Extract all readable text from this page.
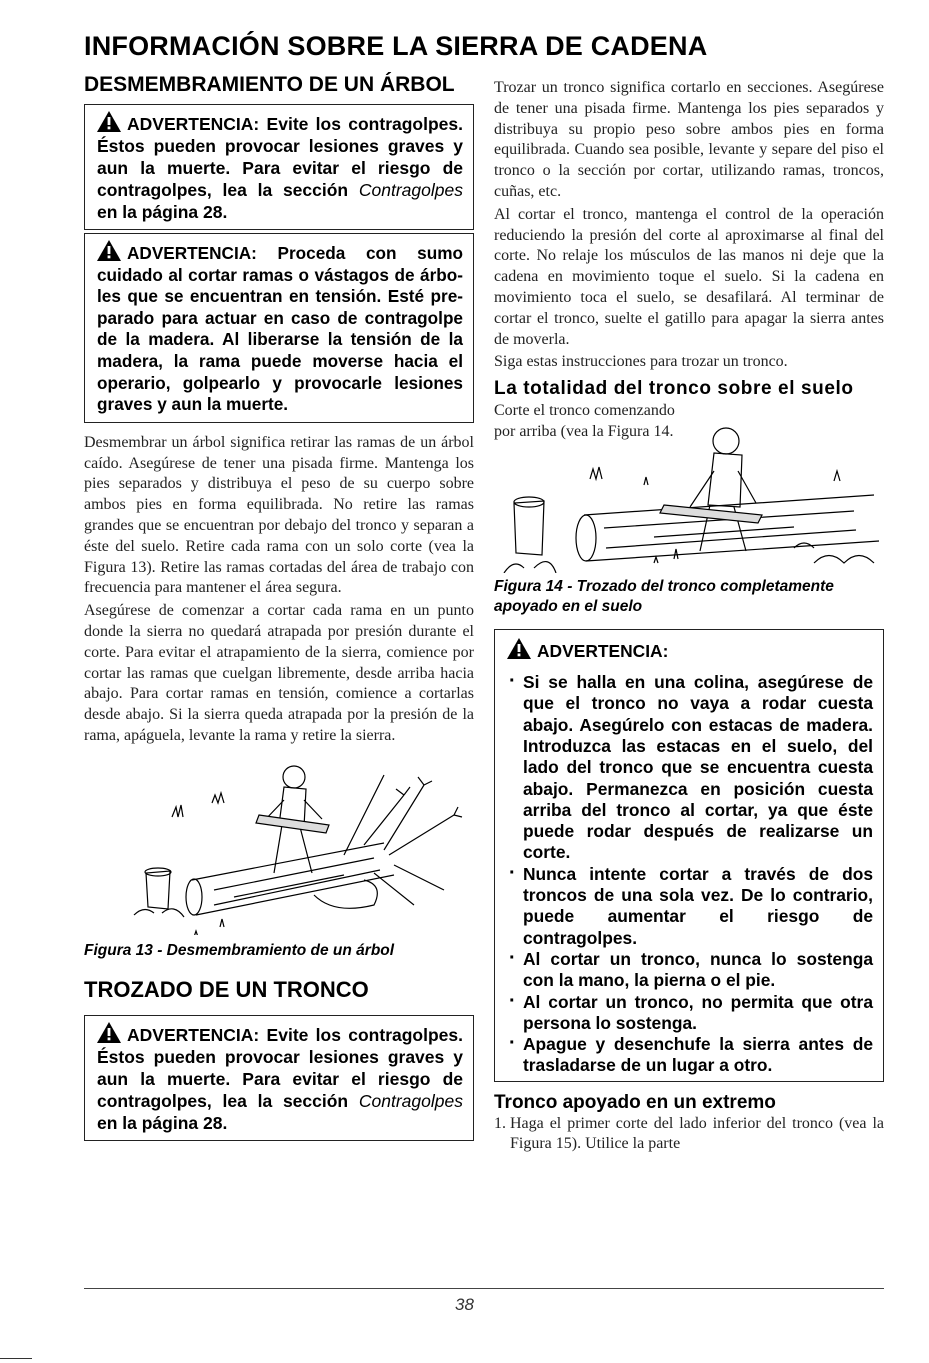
INFORMACIÓN SOBRE LA SIERRA DE CADENA
DESMEMBRAMIENTO DE UN ÁRBOL
ADVERTENCIA: Evite los contragolpes. Éstos pueden provocar lesiones graves y aun la muerte. Para evitar el riesgo de contragolpes, lea la sección Contragolpes en la página 28.
ADVERTENCIA: Proceda con sumo cuidado al cortar ramas o vástagos de árboles que se encuentran en tensión. Esté preparado para actuar en caso de contragolpe de la madera. Al liberarse la tensión de la madera, la rama puede moverse hacia el operario, golpearlo y provocarle lesiones graves y aun la muerte.

Desmembrar un árbol significa retirar las ramas de un árbol caído. Asegúrese de tener una pisada firme. Mantenga los pies separados y distribuya el peso de su cuerpo sobre ambos pies en forma equilibrada. No retire las ramas grandes que se encuentran por debajo del tronco y separan a éste del suelo. Retire cada rama con un solo corte (vea la Figura 13). Retire las ramas cortadas del área de trabajo con frecuencia para mantener el área segura.

Asegúrese de comenzar a cortar cada rama en un punto donde la sierra no quedará atrapada por presión durante el corte. Para evitar el atrapamiento de la sierra, comience por cortar las ramas que cuelgan libremente, desde arriba hacia abajo. Para cortar ramas en tensión, comience a cortarlas desde abajo. Si la sierra queda atrapada por la presión de la rama, apáguela, levante la rama y retire la sierra.

Figura 13 - Desmembramiento de un árbol

TROZADO DE UN TRONCO
ADVERTENCIA: Evite los contragolpes. Éstos pueden provocar lesiones graves y aun la muerte. Para evitar el riesgo de contragolpes, lea la sección Contragolpes en la página 28.

Trozar un tronco significa cortarlo en secciones. Asegúrese de tener una pisada firme. Mantenga los pies separados y distribuya su propio peso sobre ambos pies en forma equilibrada. Cuando sea posible, levante y separe del piso el tronco o la sección por cortar, utilizando ramas, troncos, cuñas, etc.

Al cortar el tronco, mantenga el control de la operación reduciendo la presión del corte al aproximarse al final del corte. No relaje los músculos de las manos ni deje que la cadena en movimiento toque el suelo. Si la cadena en movimiento toca el suelo, se desafilará. Al terminar de cortar el tronco, suelte el gatillo para apagar la sierra antes de moverla.

Siga estas instrucciones para trozar un tronco.

La totalidad del tronco sobre el suelo

Corte el tronco comenzando por arriba (vea la Figura 14.

Figura 14 - Trozado del tronco completamente apoyado en el suelo

ADVERTENCIA:
· Si se halla en una colina, asegúrese de que el tronco no vaya a rodar cuesta abajo. Asegúrelo con estacas de madera. Introduzca las estacas en el suelo, del lado del tronco que se encuentra cuesta abajo. Permanezca en posición cuesta arriba del tronco al cortar, ya que éste puede rodar después de realizarse un corte.
· Nunca intente cortar a través de dos troncos de una sola vez. De lo contrario, puede aumentar el riesgo de contragolpes.
· Al cortar un tronco, nunca lo sostenga con la mano, la pierna o el pie.
· Al cortar un tronco, no permita que otra persona lo sostenga.
· Apague y desenchufe la sierra antes de trasladarse de un lugar a otro.
Tronco apoyado en un extremo
1. Haga el primer corte del lado inferior del tronco (vea la Figura 15). Utilice la parte
38
